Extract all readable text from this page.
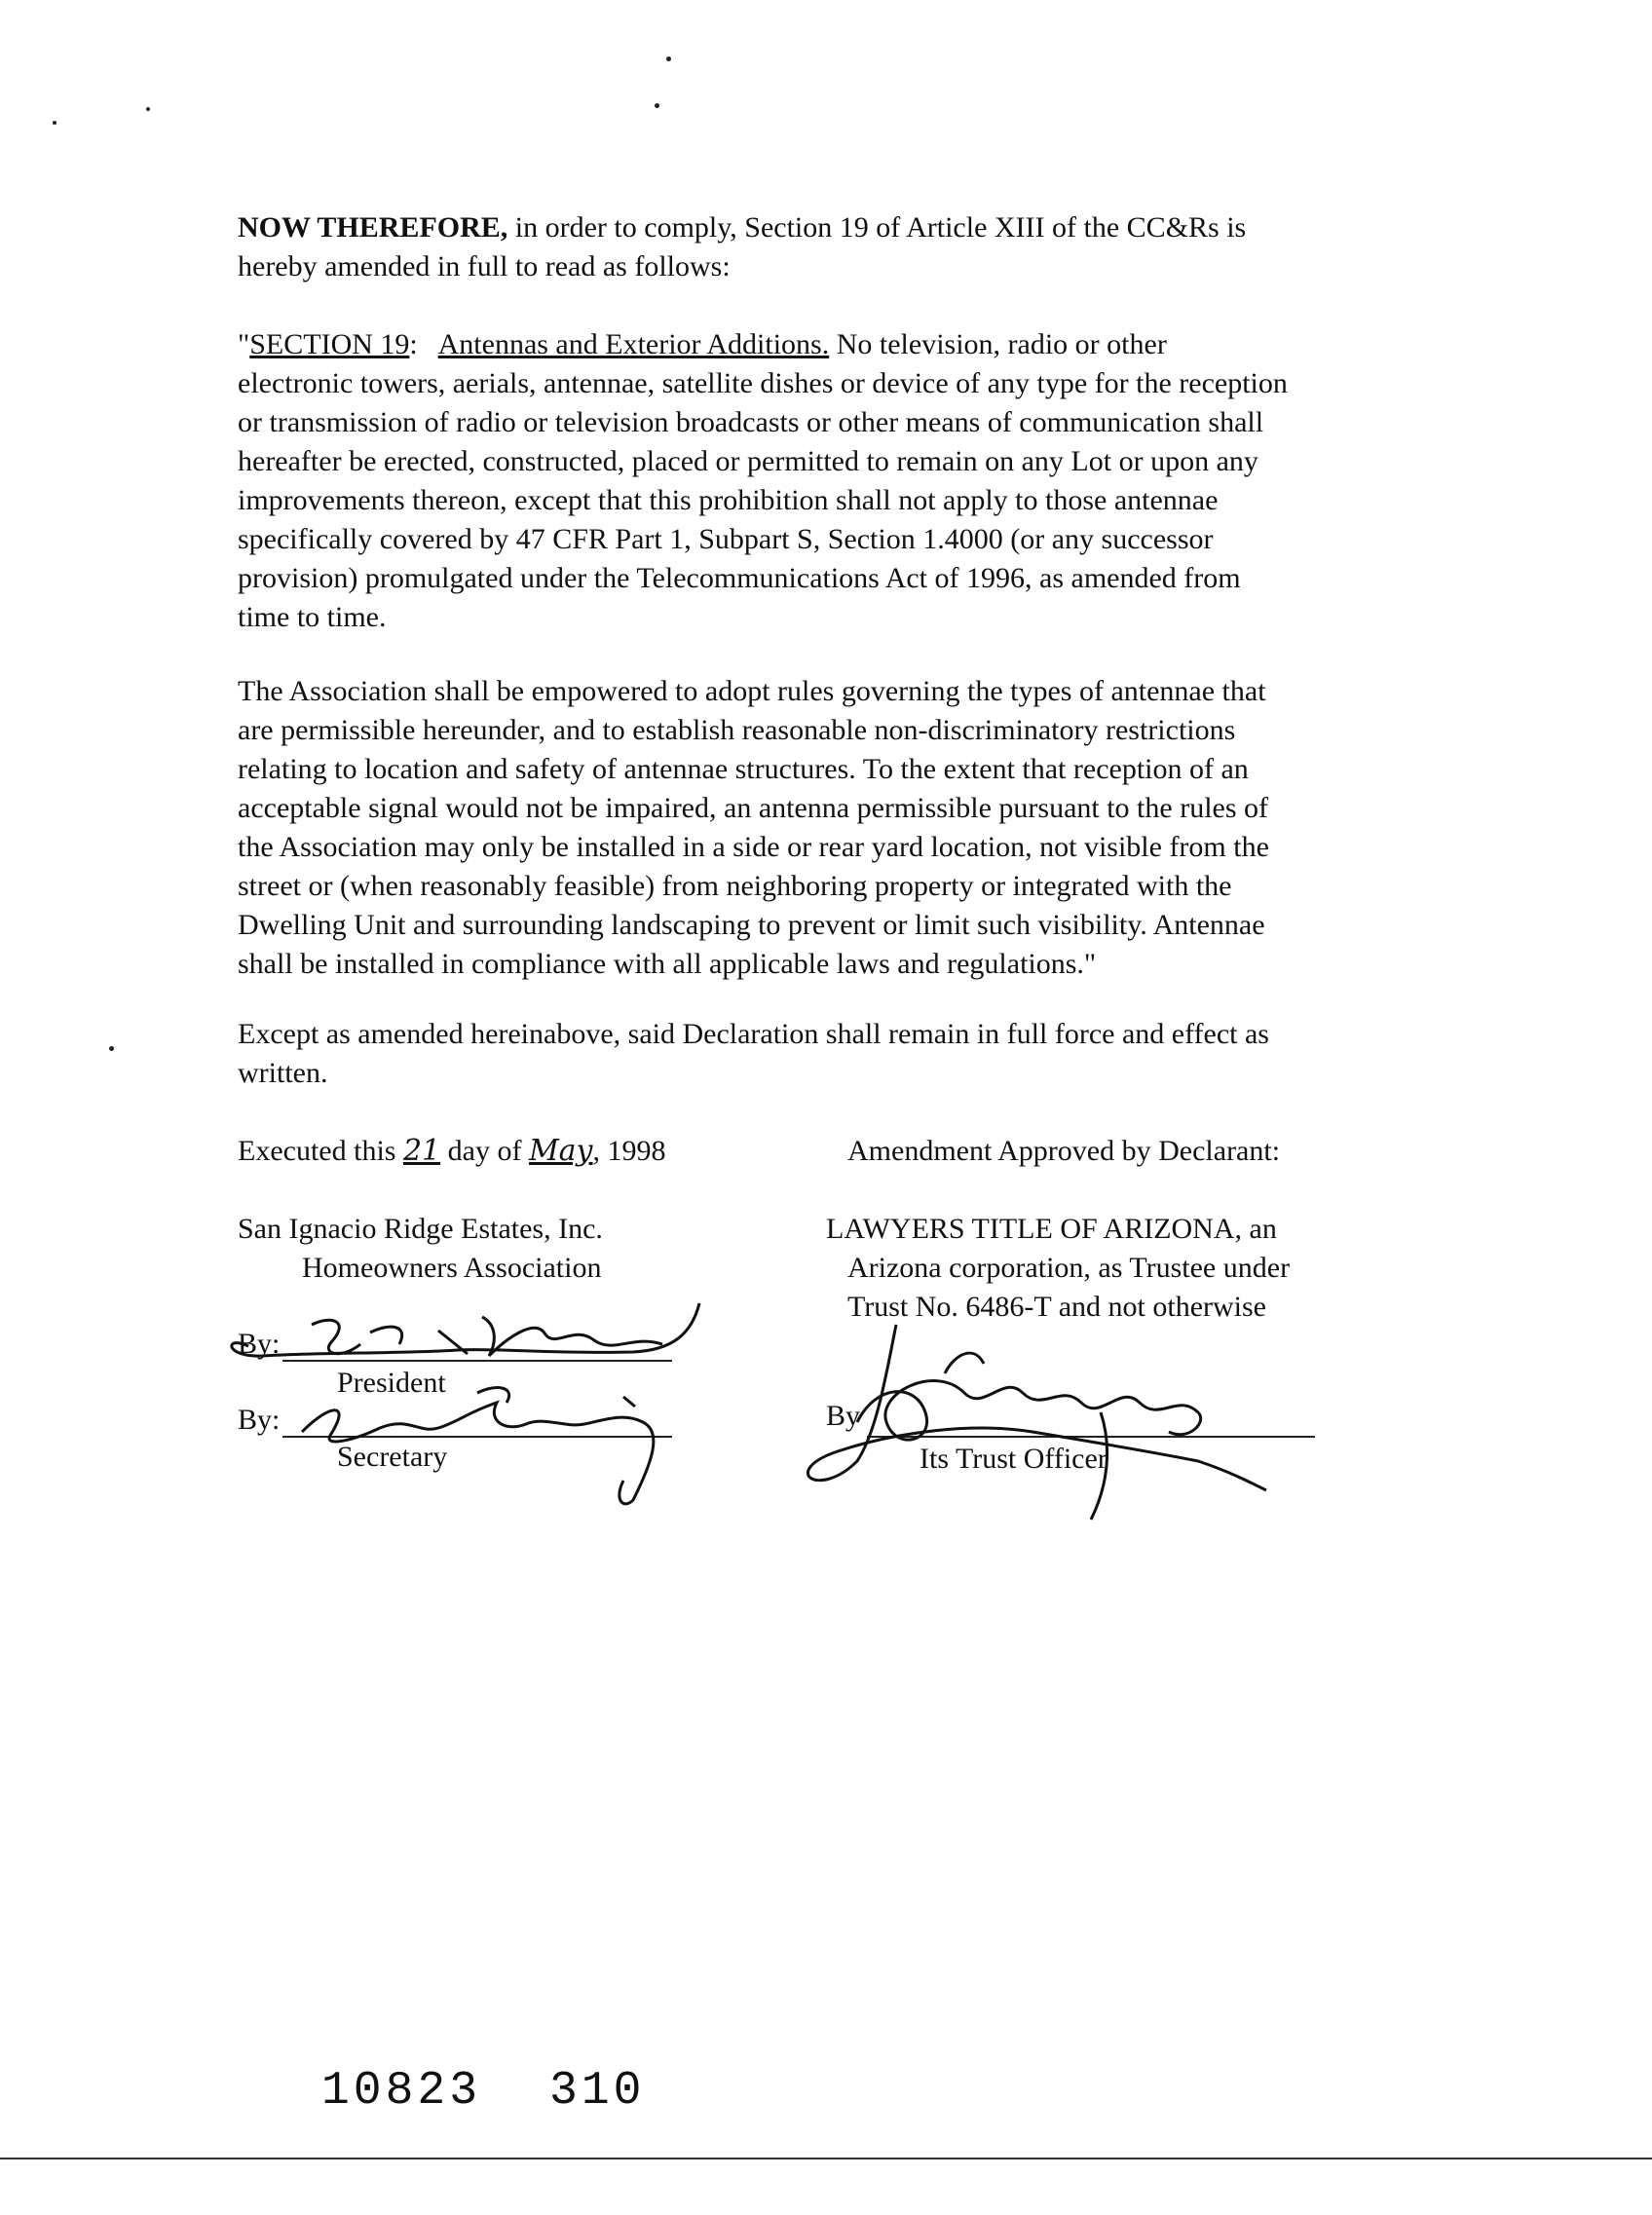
NOW THEREFORE, in order to comply, Section 19 of Article XIII of the CC&Rs is
hereby amended in full to read as follows:
"SECTION 19: Antennas and Exterior Additions. No television, radio or other
electronic towers, aerials, antennae, satellite dishes or device of any type for the reception
or transmission of radio or television broadcasts or other means of communication shall
hereafter be erected, constructed, placed or permitted to remain on any Lot or upon any
improvements thereon, except that this prohibition shall not apply to those antennae
specifically covered by 47 CFR Part 1, Subpart S, Section 1.4000 (or any successor
provision) promulgated under the Telecommunications Act of 1996, as amended from
time to time.
The Association shall be empowered to adopt rules governing the types of antennae that
are permissible hereunder, and to establish reasonable non-discriminatory restrictions
relating to location and safety of antennae structures. To the extent that reception of an
acceptable signal would not be impaired, an antenna permissible pursuant to the rules of
the Association may only be installed in a side or rear yard location, not visible from the
street or (when reasonably feasible) from neighboring property or integrated with the
Dwelling Unit and surrounding landscaping to prevent or limit such visibility. Antennae
shall be installed in compliance with all applicable laws and regulations."
Except as amended hereinabove, said Declaration shall remain in full force and effect as
written.
Executed this 21 day of May, 1998	Amendment Approved by Declarant:
San Ignacio Ridge Estates, Inc.
Homeowners Association
By:
President
By:
Secretary
LAWYERS TITLE OF ARIZONA, an
Arizona corporation, as Trustee under
Trust No. 6486-T and not otherwise
By
Its Trust Officer
10823 310
